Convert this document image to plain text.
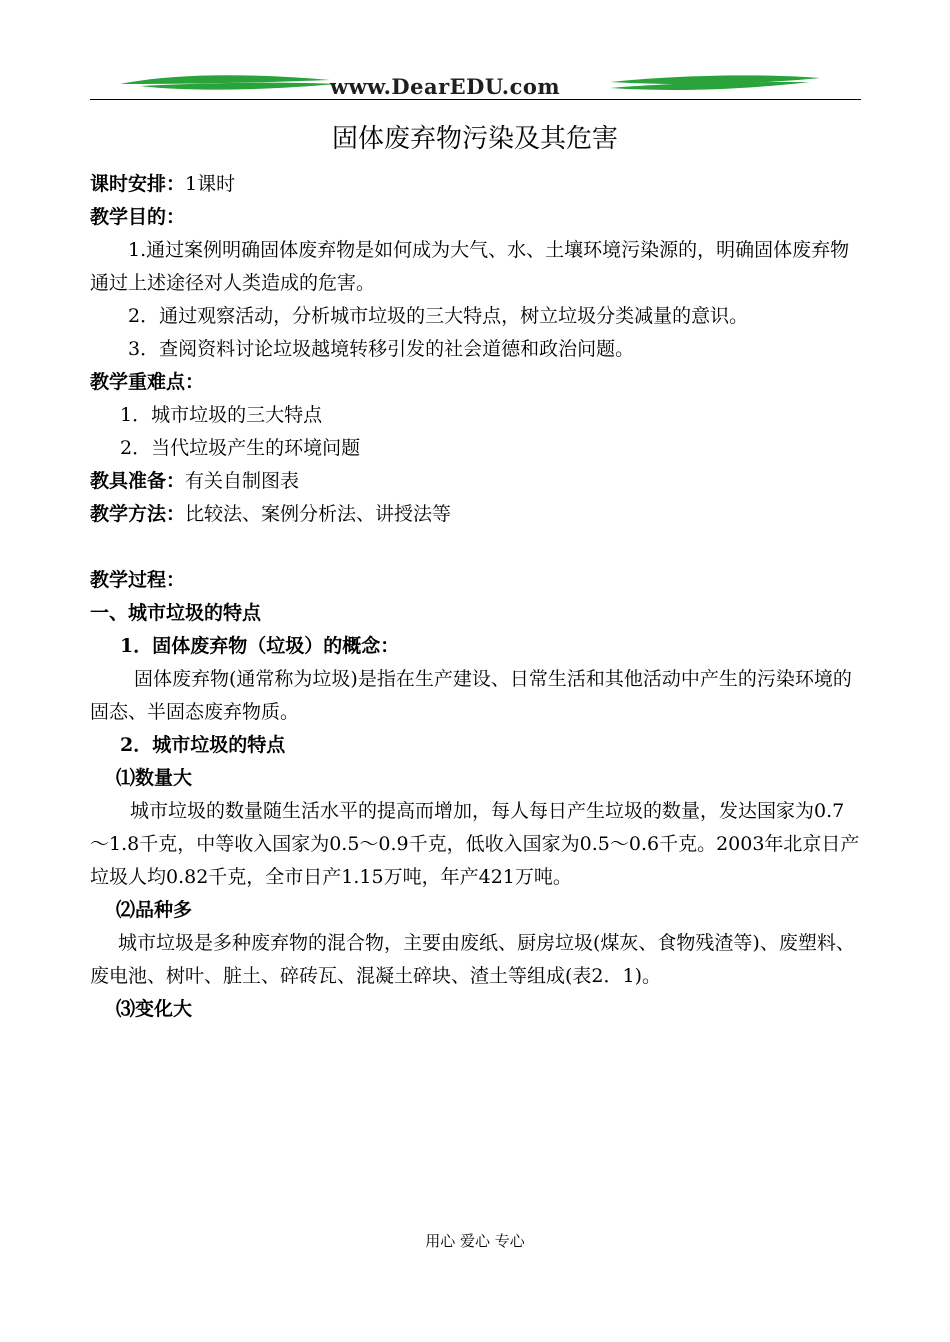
www.DearEDU.com
固体废弃物污染及其危害

课时安排：1课时

教学目的：

1.通过案例明确固体废弃物是如何成为大气、水、土壤环境污染源的，明确固体废弃物通过上述途径对人类造成的危害。

2．通过观察活动，分析城市垃圾的三大特点，树立垃圾分类减量的意识。

3．查阅资料讨论垃圾越境转移引发的社会道德和政治问题。

教学重难点：

1．城市垃圾的三大特点

2．当代垃圾产生的环境问题

教具准备：有关自制图表

教学方法：比较法、案例分析法、讲授法等

教学过程：

一、城市垃圾的特点

1．固体废弃物（垃圾）的概念：

固体废弃物(通常称为垃圾)是指在生产建设、日常生活和其他活动中产生的污染环境的固态、半固态废弃物质。

2．城市垃圾的特点

⑴数量大

城市垃圾的数量随生活水平的提高而增加，每人每日产生垃圾的数量，发达国家为0.7～1.8千克，中等收入国家为0.5～0.9千克，低收入国家为0.5～0.6千克。2003年北京日产垃圾人均0.82千克，全市日产1.15万吨，年产421万吨。

⑵品种多

城市垃圾是多种废弃物的混合物，主要由废纸、厨房垃圾(煤灰、食物残渣等)、废塑料、废电池、树叶、脏土、碎砖瓦、混凝土碎块、渣土等组成(表2．1)。

⑶变化大

用心 爱心 专心
